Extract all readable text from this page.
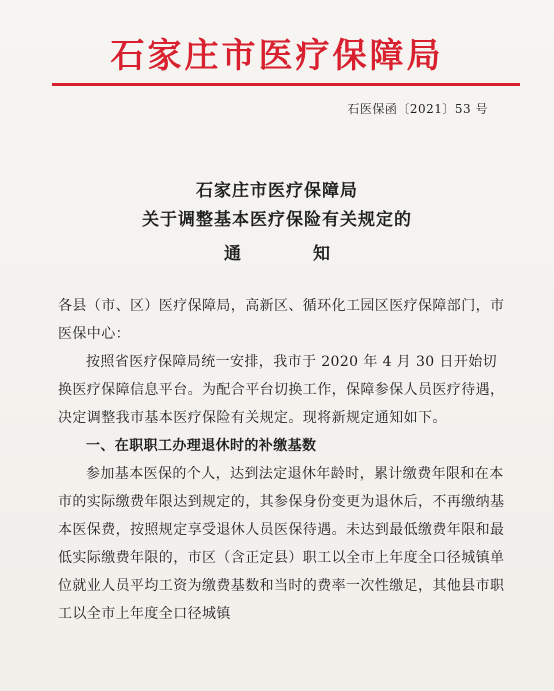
石家庄市医疗保障局
石医保函〔2021〕53 号
石家庄市医疗保障局
关于调整基本医疗保险有关规定的
通	知

各县（市、区）医疗保障局，高新区、循环化工园区医疗保障部门，市医保中心：

按照省医疗保障局统一安排，我市于 2020 年 4 月 30 日开始切换医疗保障信息平台。为配合平台切换工作，保障参保人员医疗待遇，决定调整我市基本医疗保险有关规定。现将新规定通知如下。

一、在职职工办理退休时的补缴基数

参加基本医保的个人，达到法定退休年龄时，累计缴费年限和在本市的实际缴费年限达到规定的，其参保身份变更为退休后，不再缴纳基本医保费，按照规定享受退休人员医保待遇。未达到最低缴费年限和最低实际缴费年限的，市区（含正定县）职工以全市上年度全口径城镇单位就业人员平均工资为缴费基数和当时的费率一次性缴足，其他县市职工以全市上年度全口径城镇
